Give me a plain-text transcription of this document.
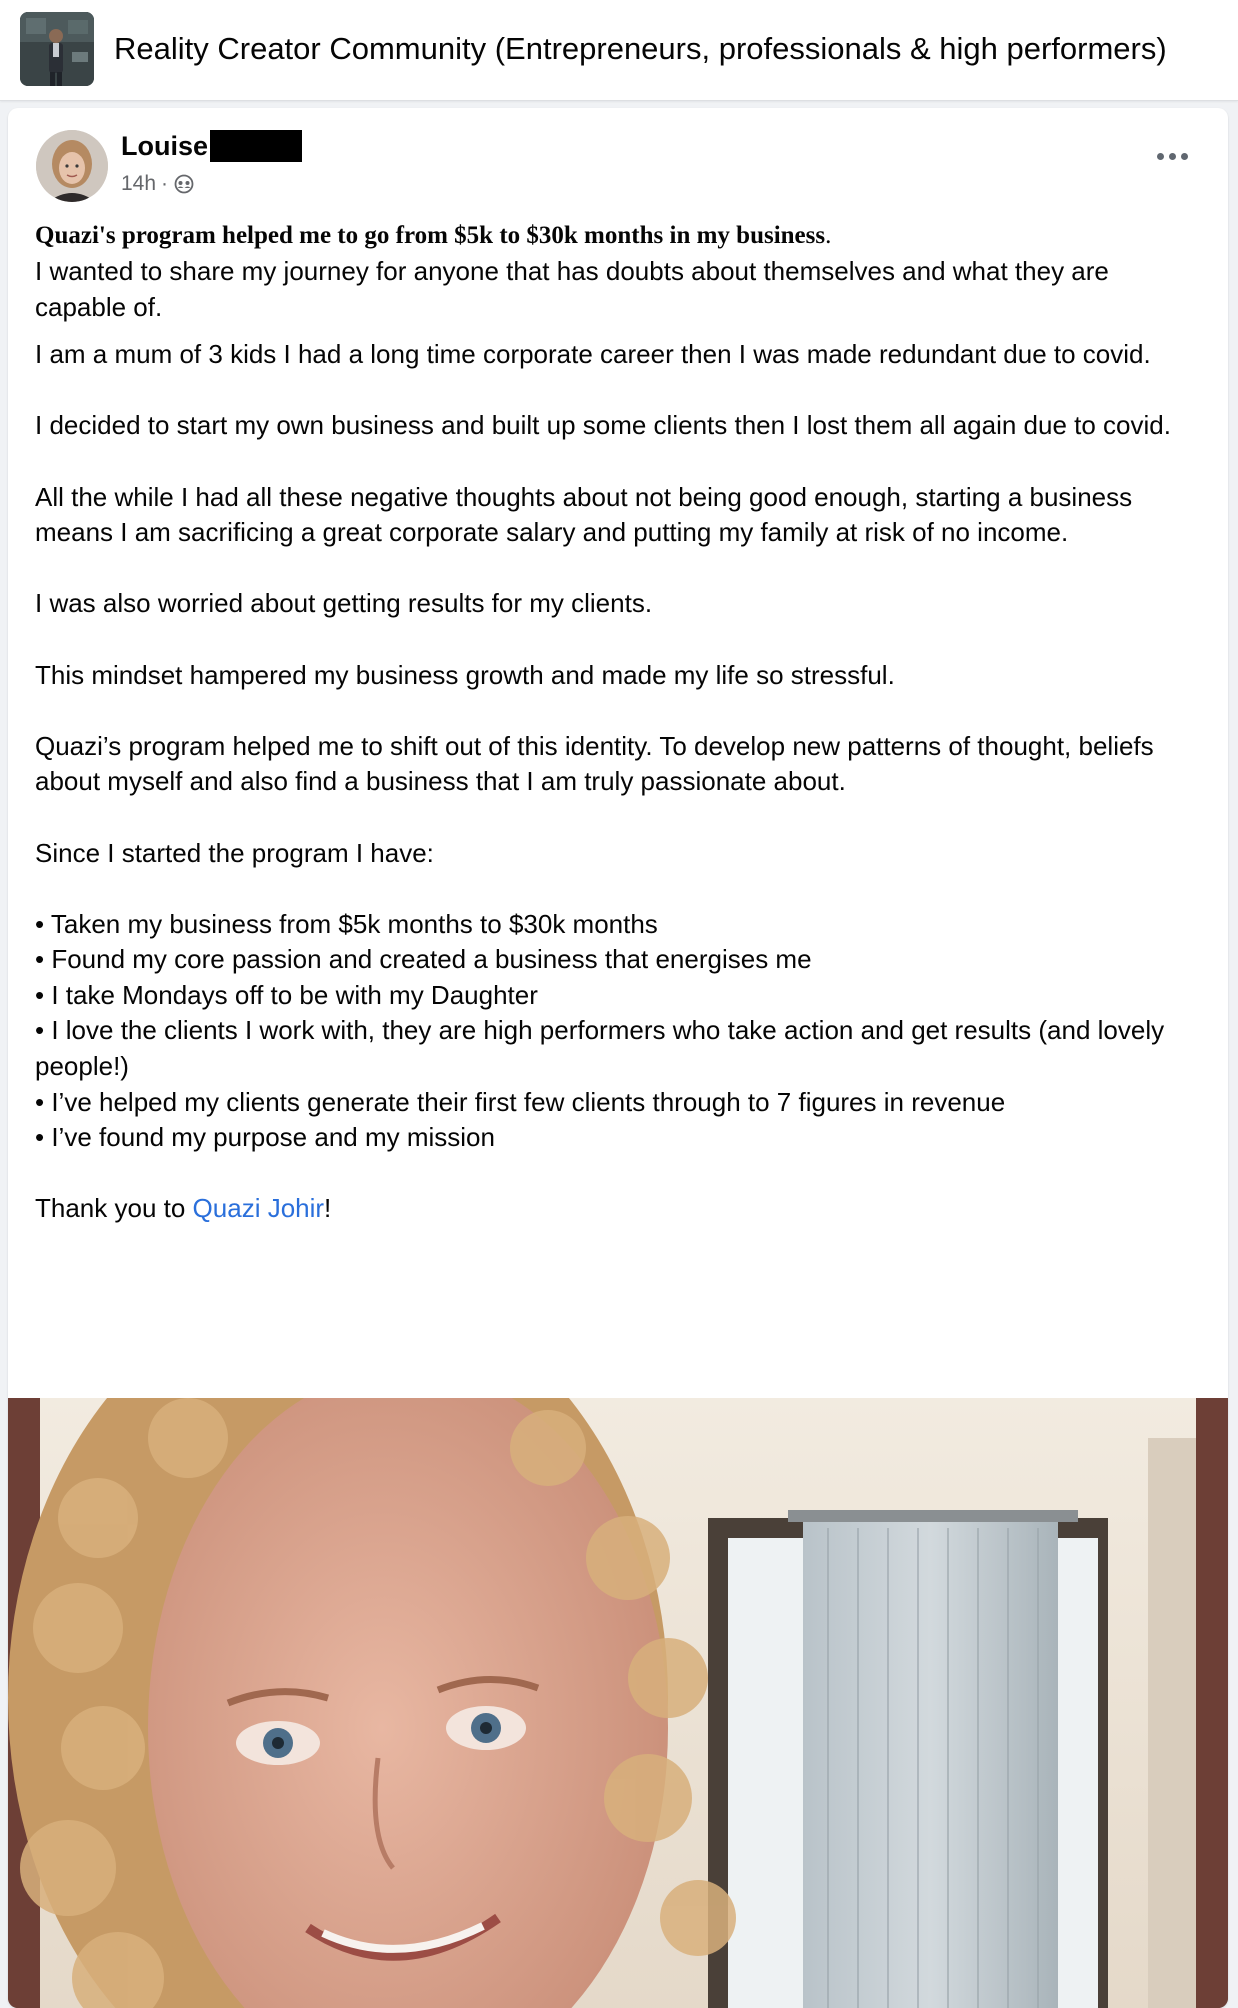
Reality Creator Community (Entrepreneurs, professionals & high performers)
Louise
14h ·

Quazi's program helped me to go from $5k to $30k months in my business.

I wanted to share my journey for anyone that has doubts about themselves and what they are capable of.

I am a mum of 3 kids I had a long time corporate career then I was made redundant due to covid.

I decided to start my own business and built up some clients then I lost them all again due to covid.

All the while I had all these negative thoughts about not being good enough, starting a business means I am sacrificing a great corporate salary and putting my family at risk of no income.

I was also worried about getting results for my clients.

This mindset hampered my business growth and made my life so stressful.

Quazi’s program helped me to shift out of this identity. To develop new patterns of thought, beliefs about myself and also find a business that I am truly passionate about.

Since I started the program I have:

• Taken my business from $5k months to $30k months

• Found my core passion and created a business that energises me

• I take Mondays off to be with my Daughter

• I love the clients I work with, they are high performers who take action and get results (and lovely people!)

• I’ve helped my clients generate their first few clients through to 7 figures in revenue

• I’ve found my purpose and my mission

Thank you to Quazi Johir!
